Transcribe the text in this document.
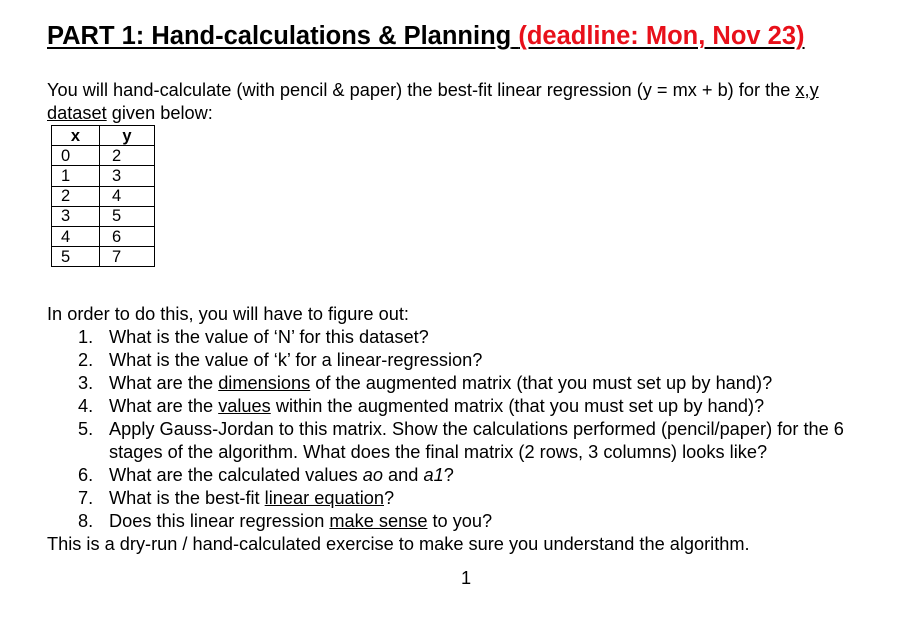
PART 1: Hand-calculations & Planning (deadline: Mon, Nov 23)
You will hand-calculate (with pencil & paper) the best-fit linear regression (y = mx + b) for the x,y dataset given below:
x	y
0	2
1	3
2	4
3	5
4	6
5	7
In order to do this, you will have to figure out:
1. What is the value of ‘N’ for this dataset?
2. What is the value of ‘k’ for a linear-regression?
3. What are the dimensions of the augmented matrix (that you must set up by hand)?
4. What are the values within the augmented matrix (that you must set up by hand)?
5. Apply Gauss-Jordan to this matrix. Show the calculations performed (pencil/paper) for the 6 stages of the algorithm. What does the final matrix (2 rows, 3 columns) looks like?
6. What are the calculated values ao and a1?
7. What is the best-fit linear equation?
8. Does this linear regression make sense to you?
This is a dry-run / hand-calculated exercise to make sure you understand the algorithm.
1
